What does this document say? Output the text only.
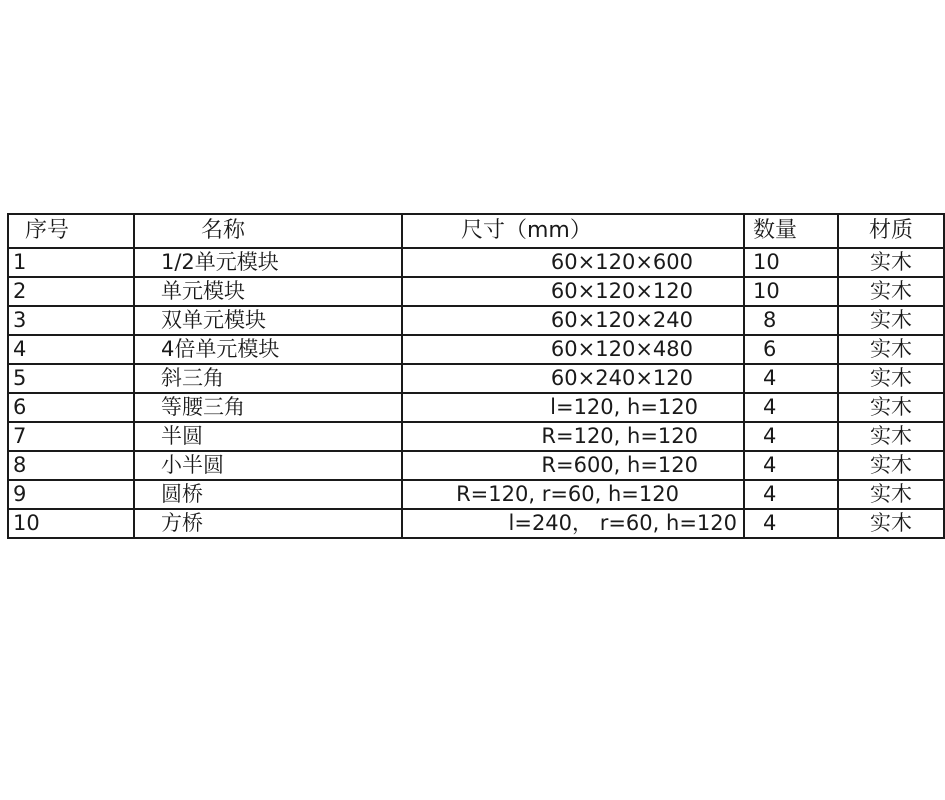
序号	名称	尺寸（mm）	数量	材质
1	1/2单元模块	60×120×600	10	实木
2	单元模块	60×120×120	10	实木
3	双单元模块	60×120×240	8	实木
4	4倍单元模块	60×120×480	6	实木
5	斜三角	60×240×120	4	实木
6	等腰三角	l=120, h=120	4	实木
7	半圆	R=120, h=120	4	实木
8	小半圆	R=600, h=120	4	实木
9	圆桥	R=120, r=60, h=120	4	实木
10	方桥	l=240， r=60, h=120	4	实木
